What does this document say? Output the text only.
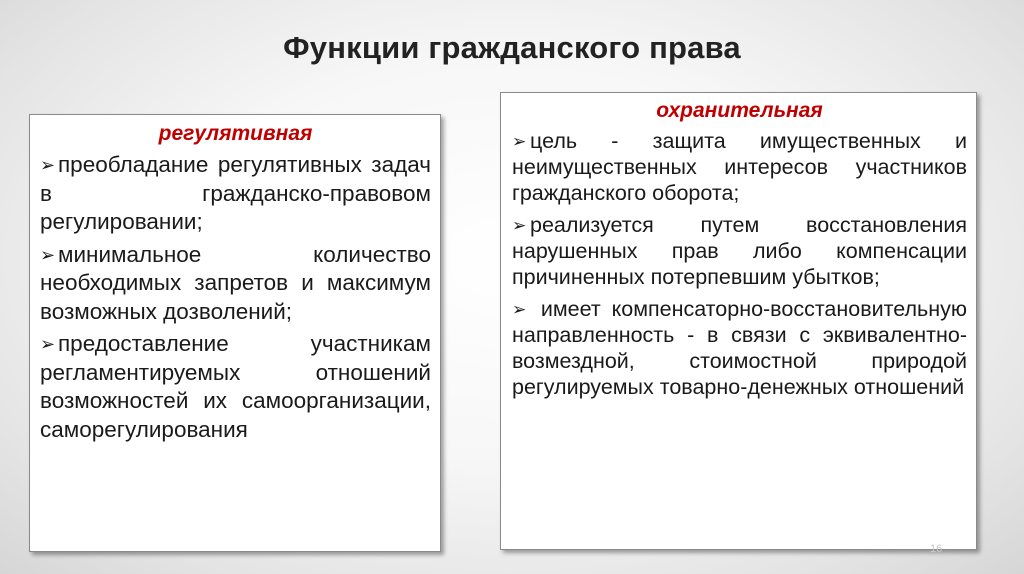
Функции гражданского права
регулятивная
➢ преобладание регулятивных задач в гражданско-правовом регулировании;
➢ минимальное количество необходимых запретов и максимум возможных дозволений;
➢ предоставление участникам регламентируемых отношений возможностей их самоорганизации, саморегулирования
охранительная
➢ цель - защита имущественных и неимущественных интересов участников гражданского оборота;
➢ реализуется путем восстановления нарушенных прав либо компенсации причиненных потерпевшим убытков;
➢ имеет компенсаторно-восстановительную направленность - в связи с эквивалентно-возмездной, стоимостной природой регулируемых товарно-денежных отношений
16
